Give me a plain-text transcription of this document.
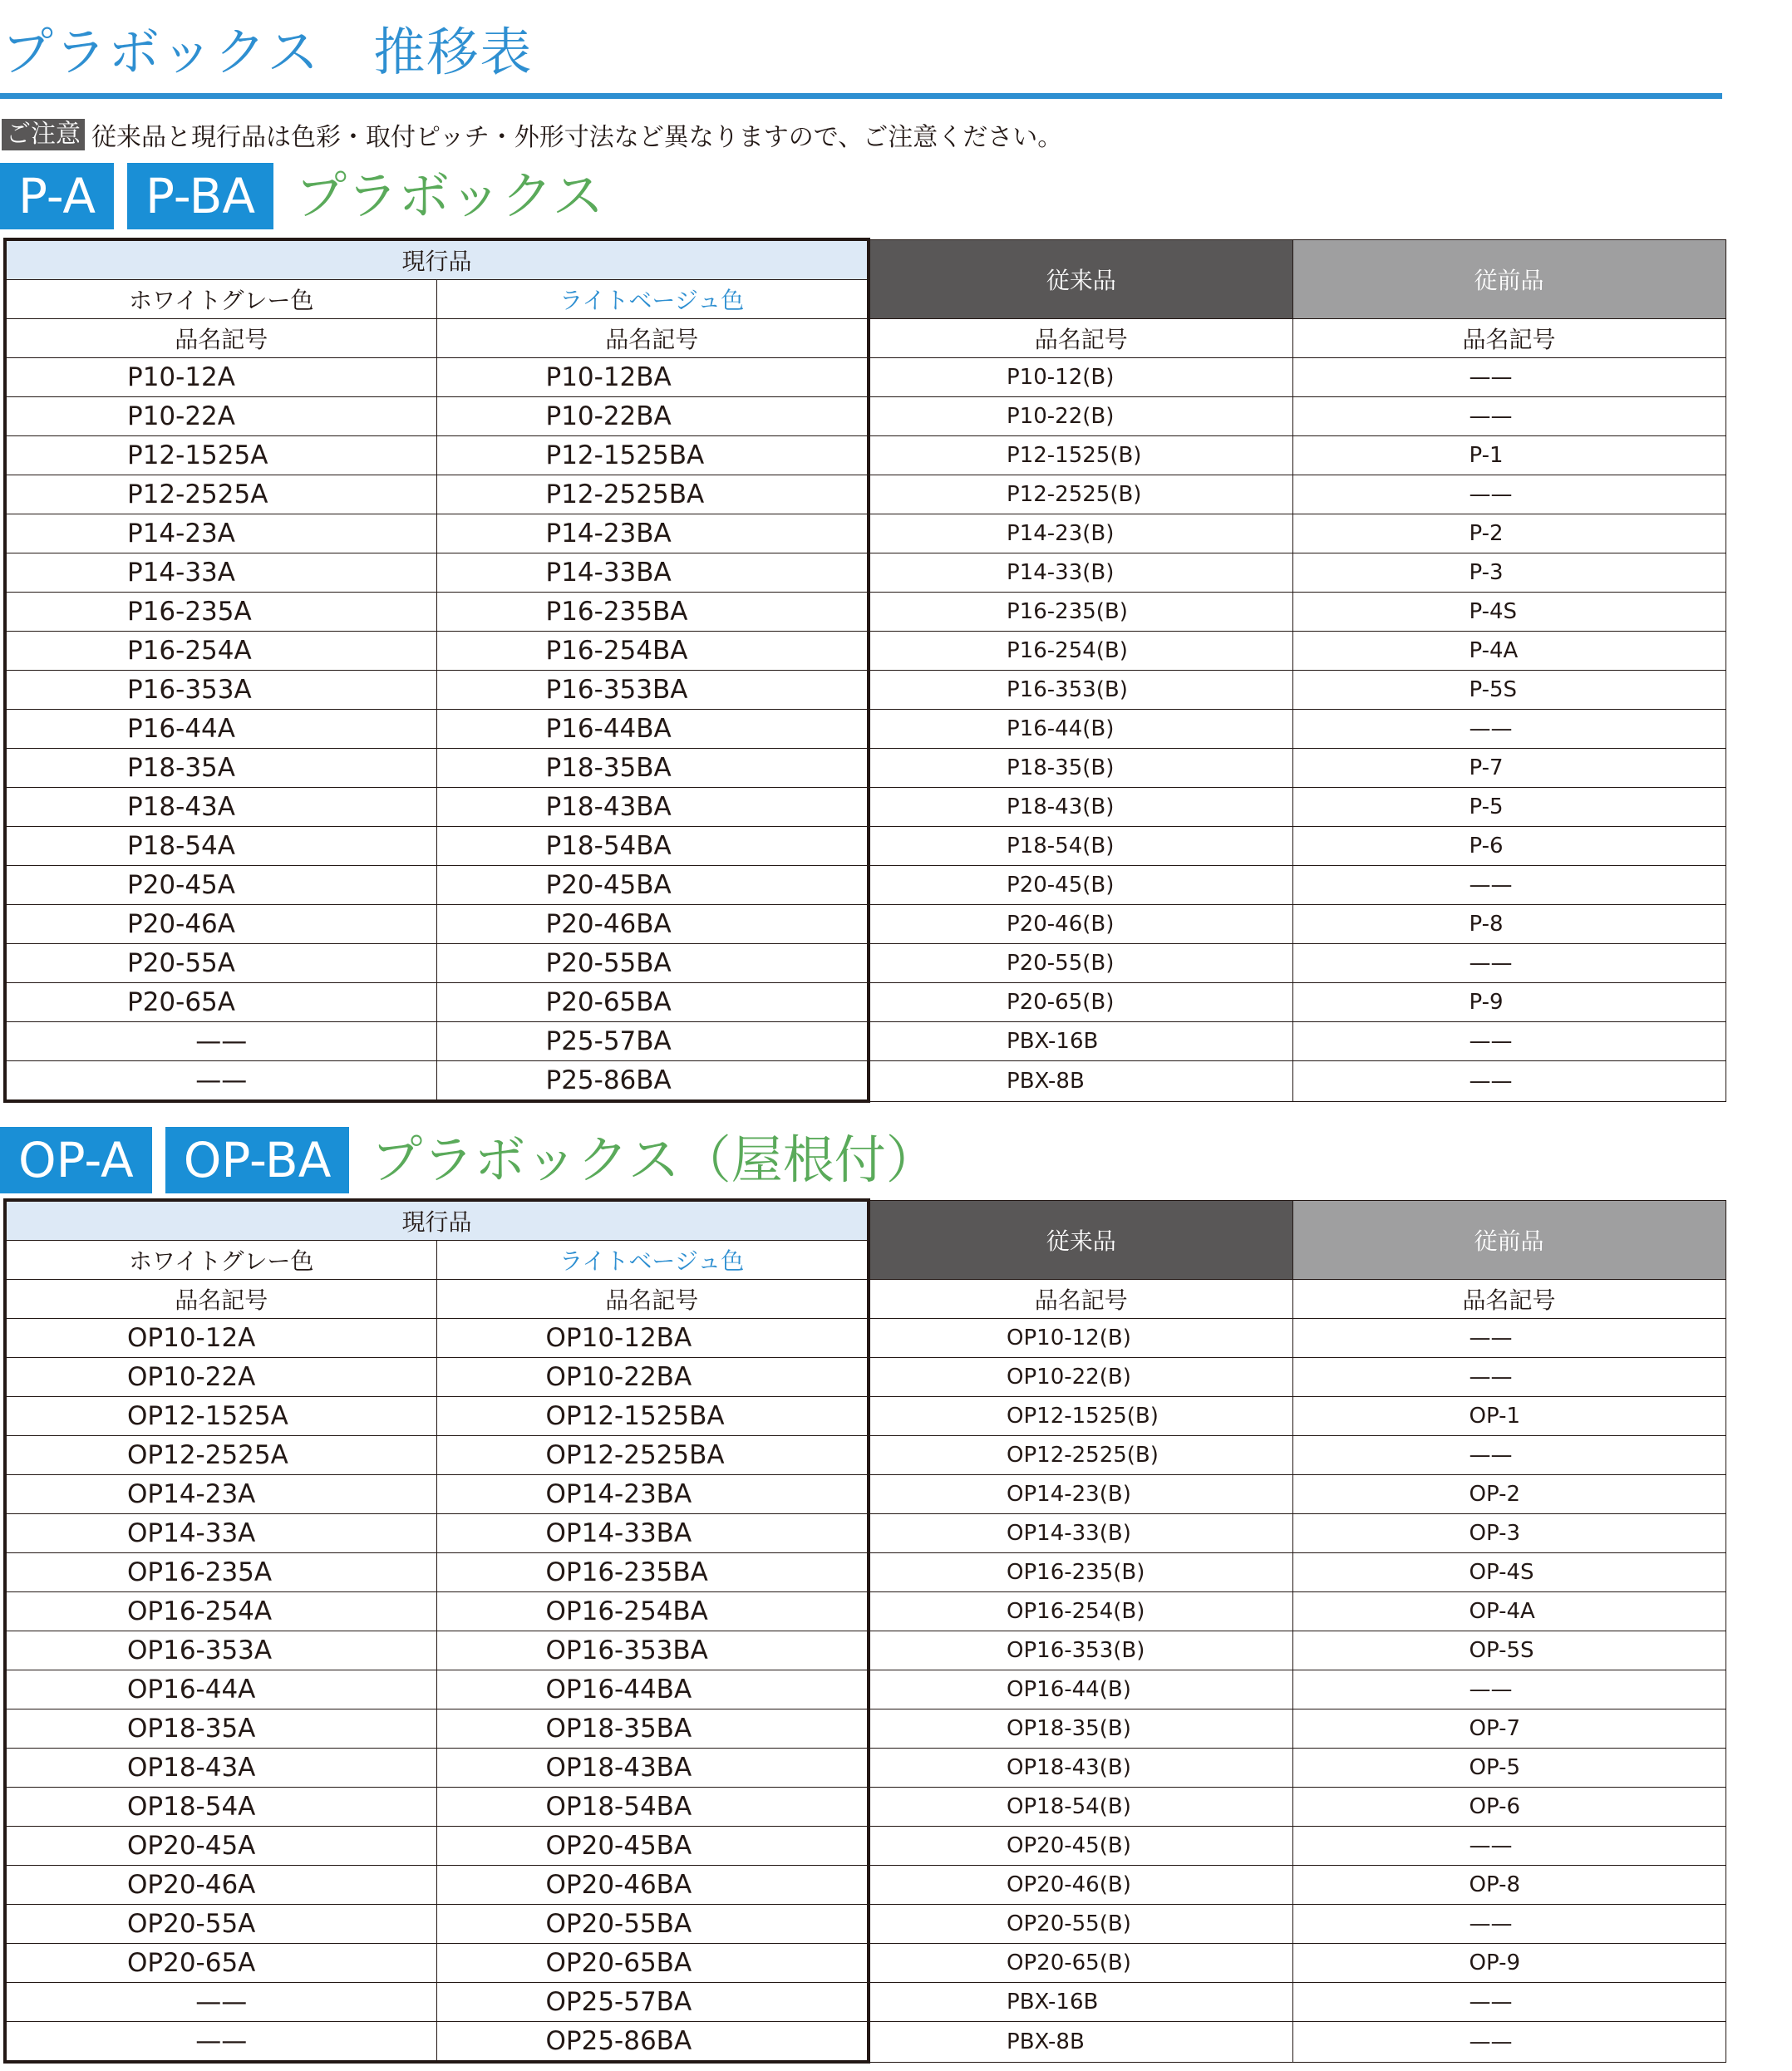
プラボックス　推移表
ご注意 従来品と現行品は色彩・取付ピッチ・外形寸法など異なりますので、ご注意ください。
P-A	P-BA プラボックス
現行品		従来品	従前品
ホワイトグレー色	ライトベージュ色		
品名記号	品名記号	品名記号	品名記号
P10-12A	P10-12BA	P10-12(B)	——
P10-22A	P10-22BA	P10-22(B)	——
P12-1525A	P12-1525BA	P12-1525(B)	P-1
P12-2525A	P12-2525BA	P12-2525(B)	——
P14-23A	P14-23BA	P14-23(B)	P-2
P14-33A	P14-33BA	P14-33(B)	P-3
P16-235A	P16-235BA	P16-235(B)	P-4S
P16-254A	P16-254BA	P16-254(B)	P-4A
P16-353A	P16-353BA	P16-353(B)	P-5S
P16-44A	P16-44BA	P16-44(B)	——
P18-35A	P18-35BA	P18-35(B)	P-7
P18-43A	P18-43BA	P18-43(B)	P-5
P18-54A	P18-54BA	P18-54(B)	P-6
P20-45A	P20-45BA	P20-45(B)	——
P20-46A	P20-46BA	P20-46(B)	P-8
P20-55A	P20-55BA	P20-55(B)	——
P20-65A	P20-65BA	P20-65(B)	P-9
——	P25-57BA	PBX-16B	——
——	P25-86BA	PBX-8B	——
OP-A	OP-BA プラボックス（屋根付）
現行品		従来品	従前品
ホワイトグレー色	ライトベージュ色		
品名記号	品名記号	品名記号	品名記号
OP10-12A	OP10-12BA	OP10-12(B)	——
OP10-22A	OP10-22BA	OP10-22(B)	——
OP12-1525A	OP12-1525BA	OP12-1525(B)	OP-1
OP12-2525A	OP12-2525BA	OP12-2525(B)	——
OP14-23A	OP14-23BA	OP14-23(B)	OP-2
OP14-33A	OP14-33BA	OP14-33(B)	OP-3
OP16-235A	OP16-235BA	OP16-235(B)	OP-4S
OP16-254A	OP16-254BA	OP16-254(B)	OP-4A
OP16-353A	OP16-353BA	OP16-353(B)	OP-5S
OP16-44A	OP16-44BA	OP16-44(B)	——
OP18-35A	OP18-35BA	OP18-35(B)	OP-7
OP18-43A	OP18-43BA	OP18-43(B)	OP-5
OP18-54A	OP18-54BA	OP18-54(B)	OP-6
OP20-45A	OP20-45BA	OP20-45(B)	——
OP20-46A	OP20-46BA	OP20-46(B)	OP-8
OP20-55A	OP20-55BA	OP20-55(B)	——
OP20-65A	OP20-65BA	OP20-65(B)	OP-9
——	OP25-57BA	PBX-16B	——
——	OP25-86BA	PBX-8B	——
